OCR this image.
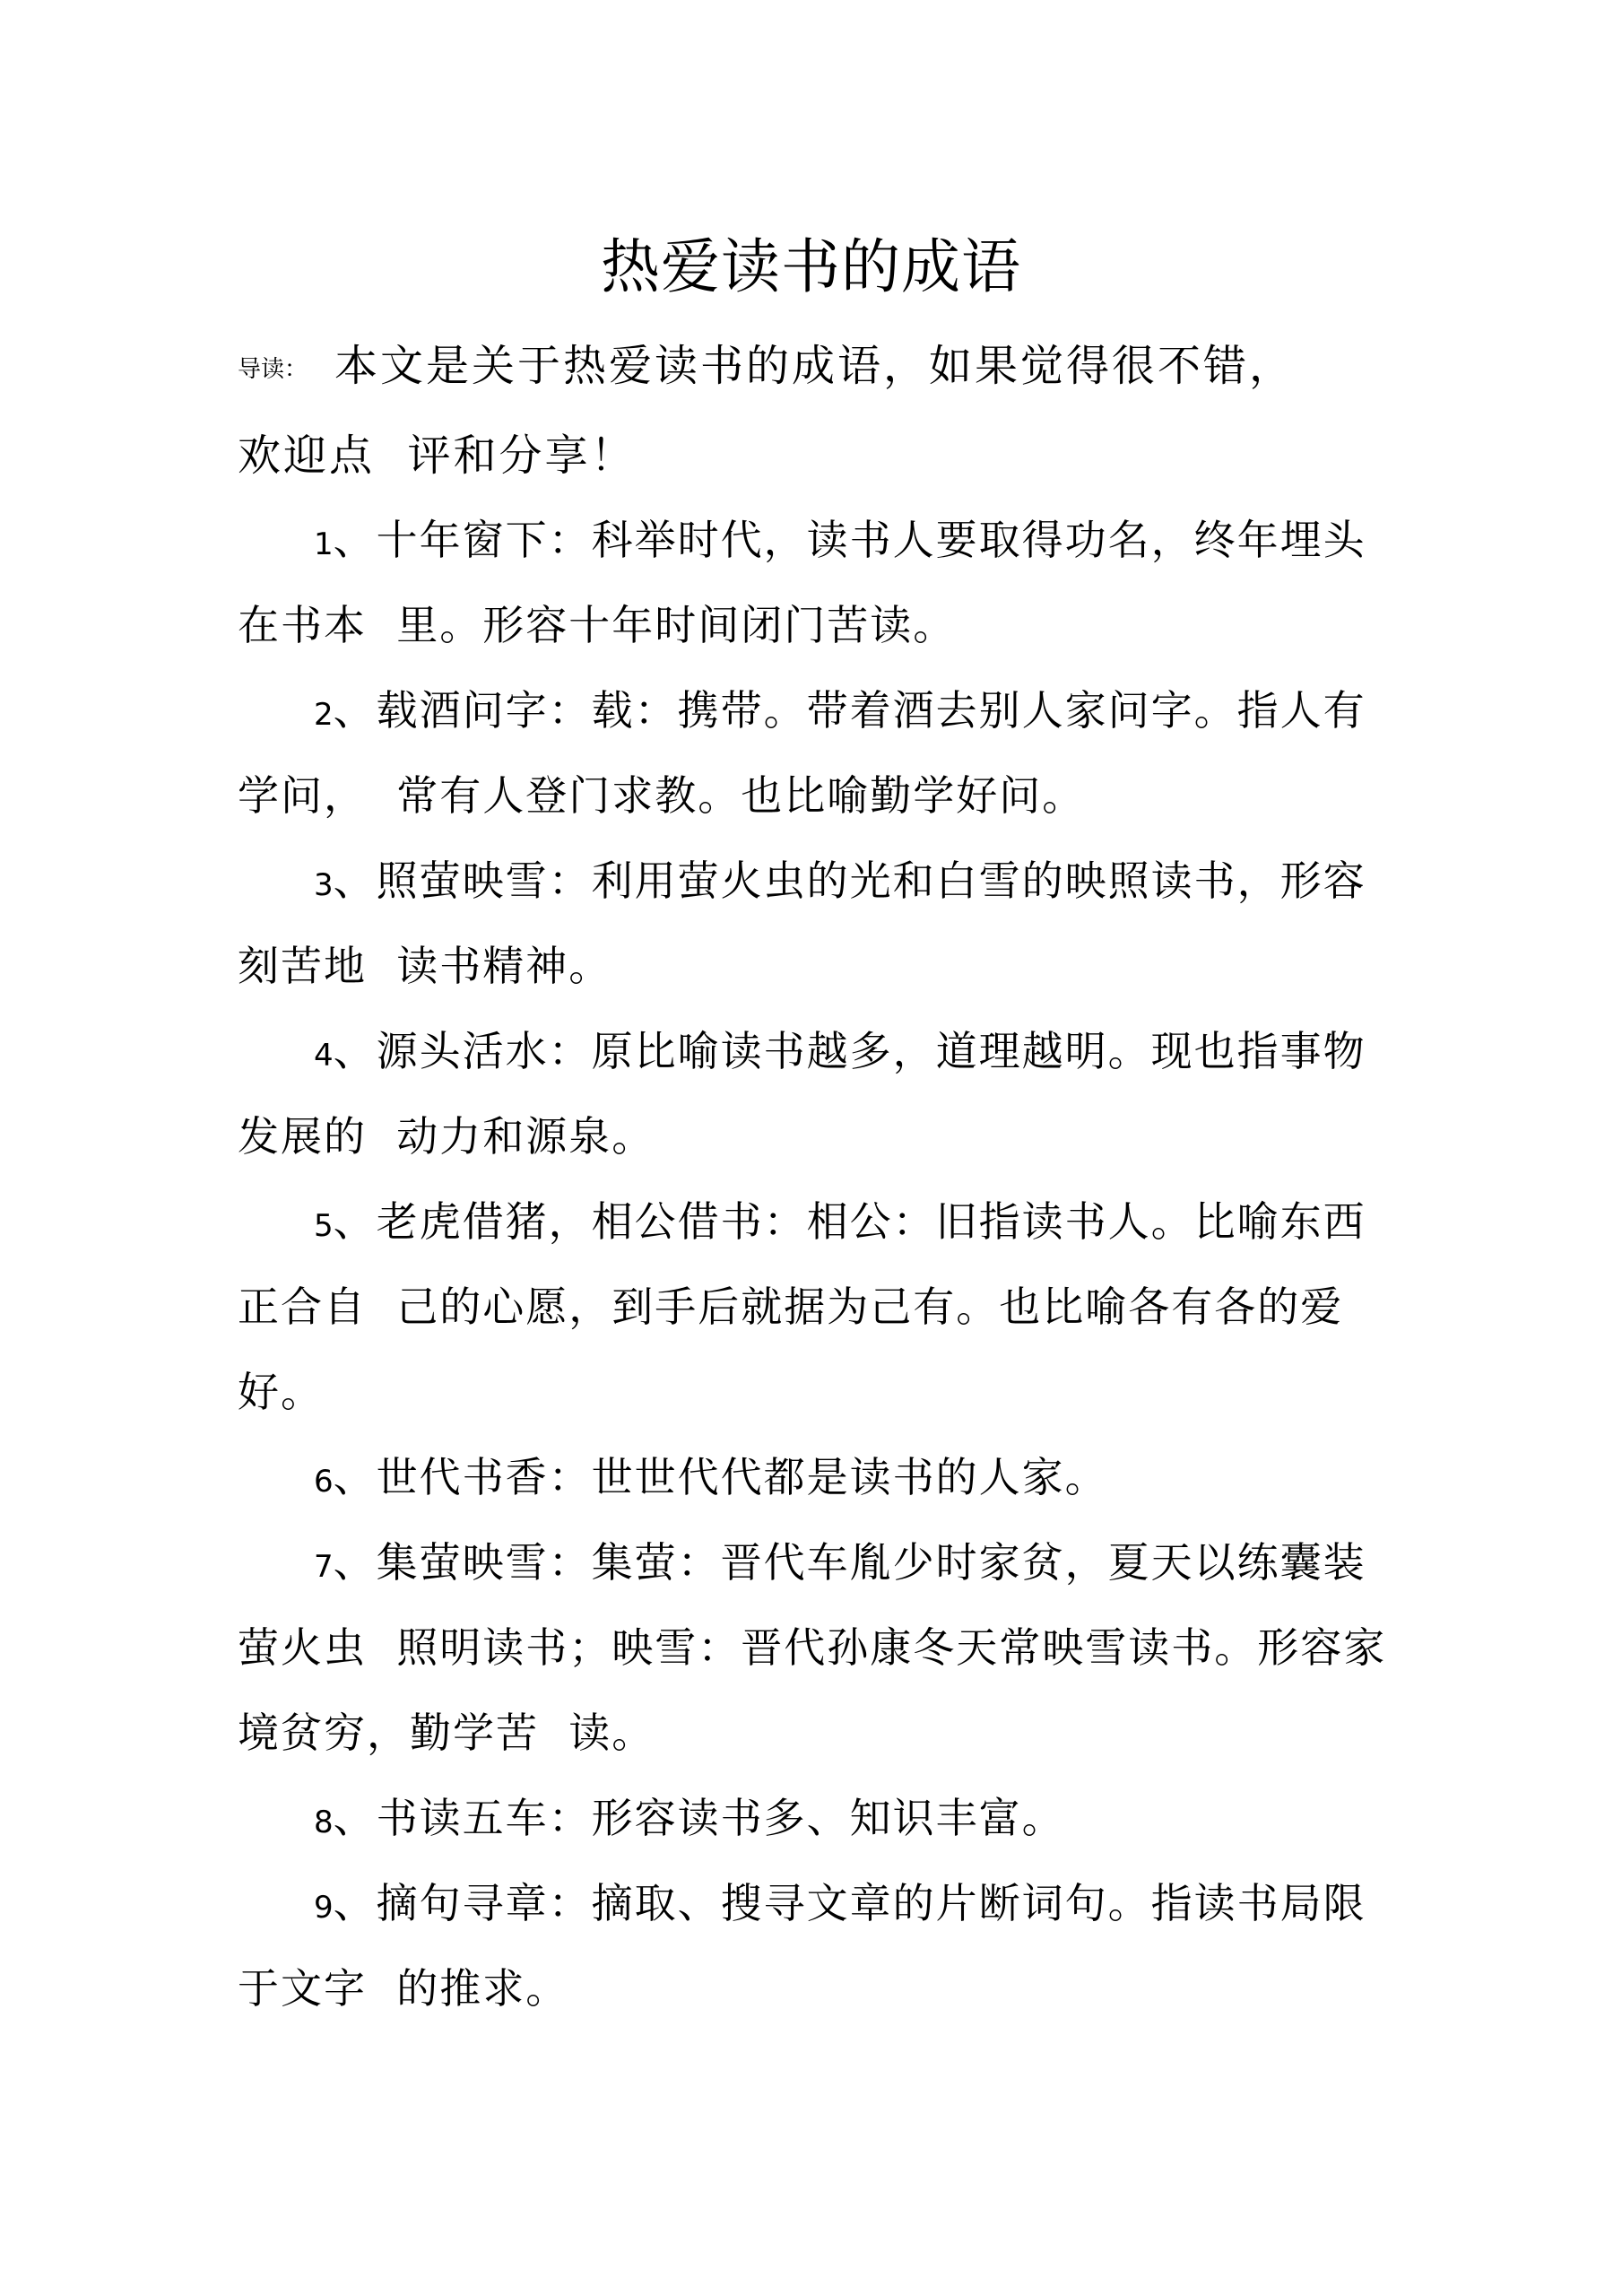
热爱读书的成语
导读： 本文是关于热爱读书的成语，如果觉得很不错，
欢迎点  评和分享！
1、十年窗下：科举时代，读书人要取得功名，终年埋头
在书本  里。形容十年时间闭门苦读。
2、载酒问字：载：携带。带着酒去别人家问字。指人有
学问，  常有人登门求教。也比喻勤学好问。
3、照萤映雪：利用萤火虫的光和白雪的映照读书，形容
刻苦地  读书精神。
4、源头活水：原比喻读书越多，道理越明。现也指事物
发展的  动力和源泉。
5、老虎借猪，相公借书：相公：旧指读书人。比喻东西
正合自  己的心愿，到手后就据为己有。也比喻各有各的爱
好。
6、世代书香：世世代代都是读书的人家。
7、集萤映雪：集萤：晋代车胤少时家贫，夏天以练囊装
萤火虫  照明读书；映雪：晋代孙康冬天常映雪读书。形容家
境贫穷，勤学苦  读。
8、书读五车：形容读书多、知识丰富。
9、摘句寻章：摘取、搜寻文章的片断词句。指读书局限
于文字  的推求。
